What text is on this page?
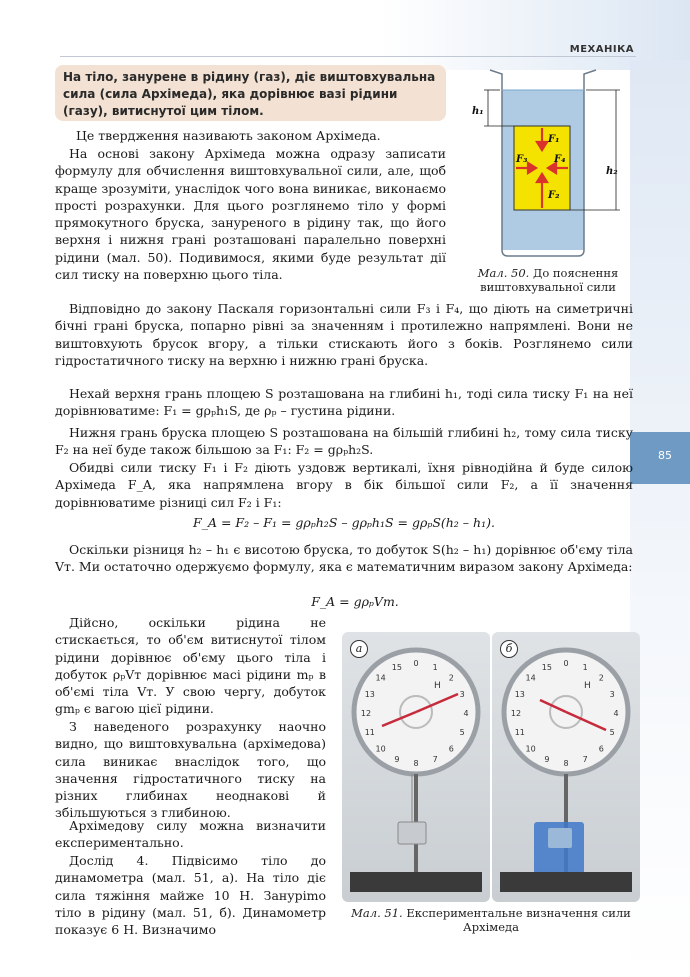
МЕХАНІКА
85
На тіло, занурене в рідину (газ), діє виштовхувальна сила (сила Архімеда), яка дорівнює вазі рідини (газу), витиснутої цим тілом.

Це твердження називають законом Архімеда.

На основі закону Архімеда можна одразу записати формулу для обчислення виштовхувальної сили, але, щоб краще зрозуміти, унаслідок чого вона виникає, виконаємо прості розрахунки. Для цього розглянемо тіло у формі прямокутного бруска, зануреного в рідину так, що його верхня і нижня грані розташовані паралельно поверхні рідини (мал. 50). Подивимося, якими буде результат дії сил тиску на поверхню цього тіла.

F₁
F₂
F₃	F₄
h₁
h₂
Мал. 50. До пояснення виштовхувальної сили

Відповідно до закону Паскаля горизонтальні сили F₃ і F₄, що діють на симетричні бічні грані бруска, попарно рівні за значенням і протилежно напрямлені. Вони не виштовхують брусок вгору, а тільки стискають його з боків. Розглянемо сили гідростатичного тиску на верхню і нижню грані бруска.

Нехай верхня грань площею S розташована на глибині h₁, тоді сила тиску F₁ на неї дорівнюватиме: F₁ = gρₚh₁S, де ρₚ – густина рідини.

Нижня грань бруска площею S розташована на більшій глибині h₂, тому сила тиску F₂ на неї буде також більшою за F₁: F₂ = gρₚh₂S.

Обидві сили тиску F₁ і F₂ діють уздовж вертикалі, їхня рівнодійна й буде силою Архімеда F_A, яка напрямлена вгору в бік більшої сили F₂, а її значення дорівнюватиме різниці сил F₂ і F₁:

F_A = F₂ – F₁ = gρₚh₂S – gρₚh₁S = gρₚS(h₂ – h₁).

Оскільки різниця h₂ – h₁ є висотою бруска, то добуток S(h₂ – h₁) дорівнює об'єму тіла Vт. Ми остаточно одержуємо формулу, яка є математичним виразом закону Архімеда:

F_A = gρₚVт.

Дійсно, оскільки рідина не стискається, то об'єм витиснутої тілом рідини дорівнює об'єму цього тіла і добуток ρₚVт дорівнює масі рідини mₚ в об'ємі тіла Vт. У свою чергу, добуток gmₚ є вагою цієї рідини.

З наведеного розрахунку наочно видно, що виштовхувальна (архімедова) сила виникає внаслідок того, що значення гідростатичного тиску на різних глибинах неоднакові й збільшуються з глибиною.

Архімедову силу можна визначити експериментально.

Дослід 4. Підвісимо тіло до динамометра (мал. 51, а). На тіло діє сила тяжіння майже 10 Н. Занурimo тіло в рідину (мал. 51, б). Динамометр показує 6 Н. Визначимо

а
0 1
2
3
4
5
6
7
8
9
10
11
12
13
14
15
H
б
0 1
2
3
4
5
6
7
8
9
10
11
12
13
14
15
H
Мал. 51. Експериментальне визначення сили Архімеда
